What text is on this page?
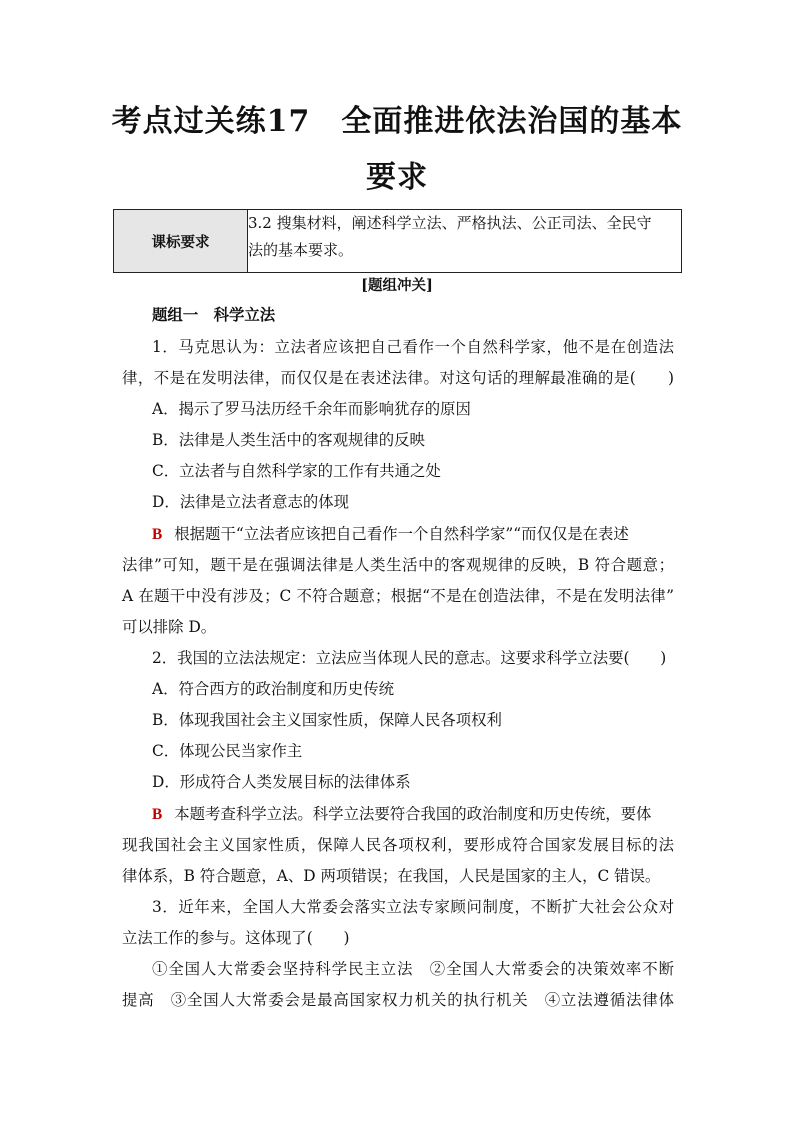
考点过关练17　全面推进依法治国的基本
要求
课标要求	
3.2 搜集材料，阐述科学立法、严格执法、公正司法、全民守
法的基本要求。
[题组冲关]
题组一　科学立法
1．马克思认为：立法者应该把自己看作一个自然科学家，他不是在创造法
律，不是在发明法律，而仅仅是在表述法律。对这句话的理解最准确的是(　　)
A．揭示了罗马法历经千余年而影响犹存的原因
B．法律是人类生活中的客观规律的反映
C．立法者与自然科学家的工作有共通之处
D．法律是立法者意志的体现
B 根据题干“立法者应该把自己看作一个自然科学家”“而仅仅是在表述
法律”可知，题干是在强调法律是人类生活中的客观规律的反映，B 符合题意；
A 在题干中没有涉及；C 不符合题意；根据“不是在创造法律，不是在发明法律”
可以排除 D。
2．我国的立法法规定：立法应当体现人民的意志。这要求科学立法要(　　)
A．符合西方的政治制度和历史传统
B．体现我国社会主义国家性质，保障人民各项权利
C．体现公民当家作主
D．形成符合人类发展目标的法律体系
B 本题考查科学立法。科学立法要符合我国的政治制度和历史传统，要体
现我国社会主义国家性质，保障人民各项权利，要形成符合国家发展目标的法
律体系，B 符合题意，A、D 两项错误；在我国，人民是国家的主人，C 错误。
3．近年来，全国人大常委会落实立法专家顾问制度，不断扩大社会公众对
立法工作的参与。这体现了(　　)
①全国人大常委会坚持科学民主立法　②全国人大常委会的决策效率不断
提高　③全国人大常委会是最高国家权力机关的执行机关　④立法遵循法律体
